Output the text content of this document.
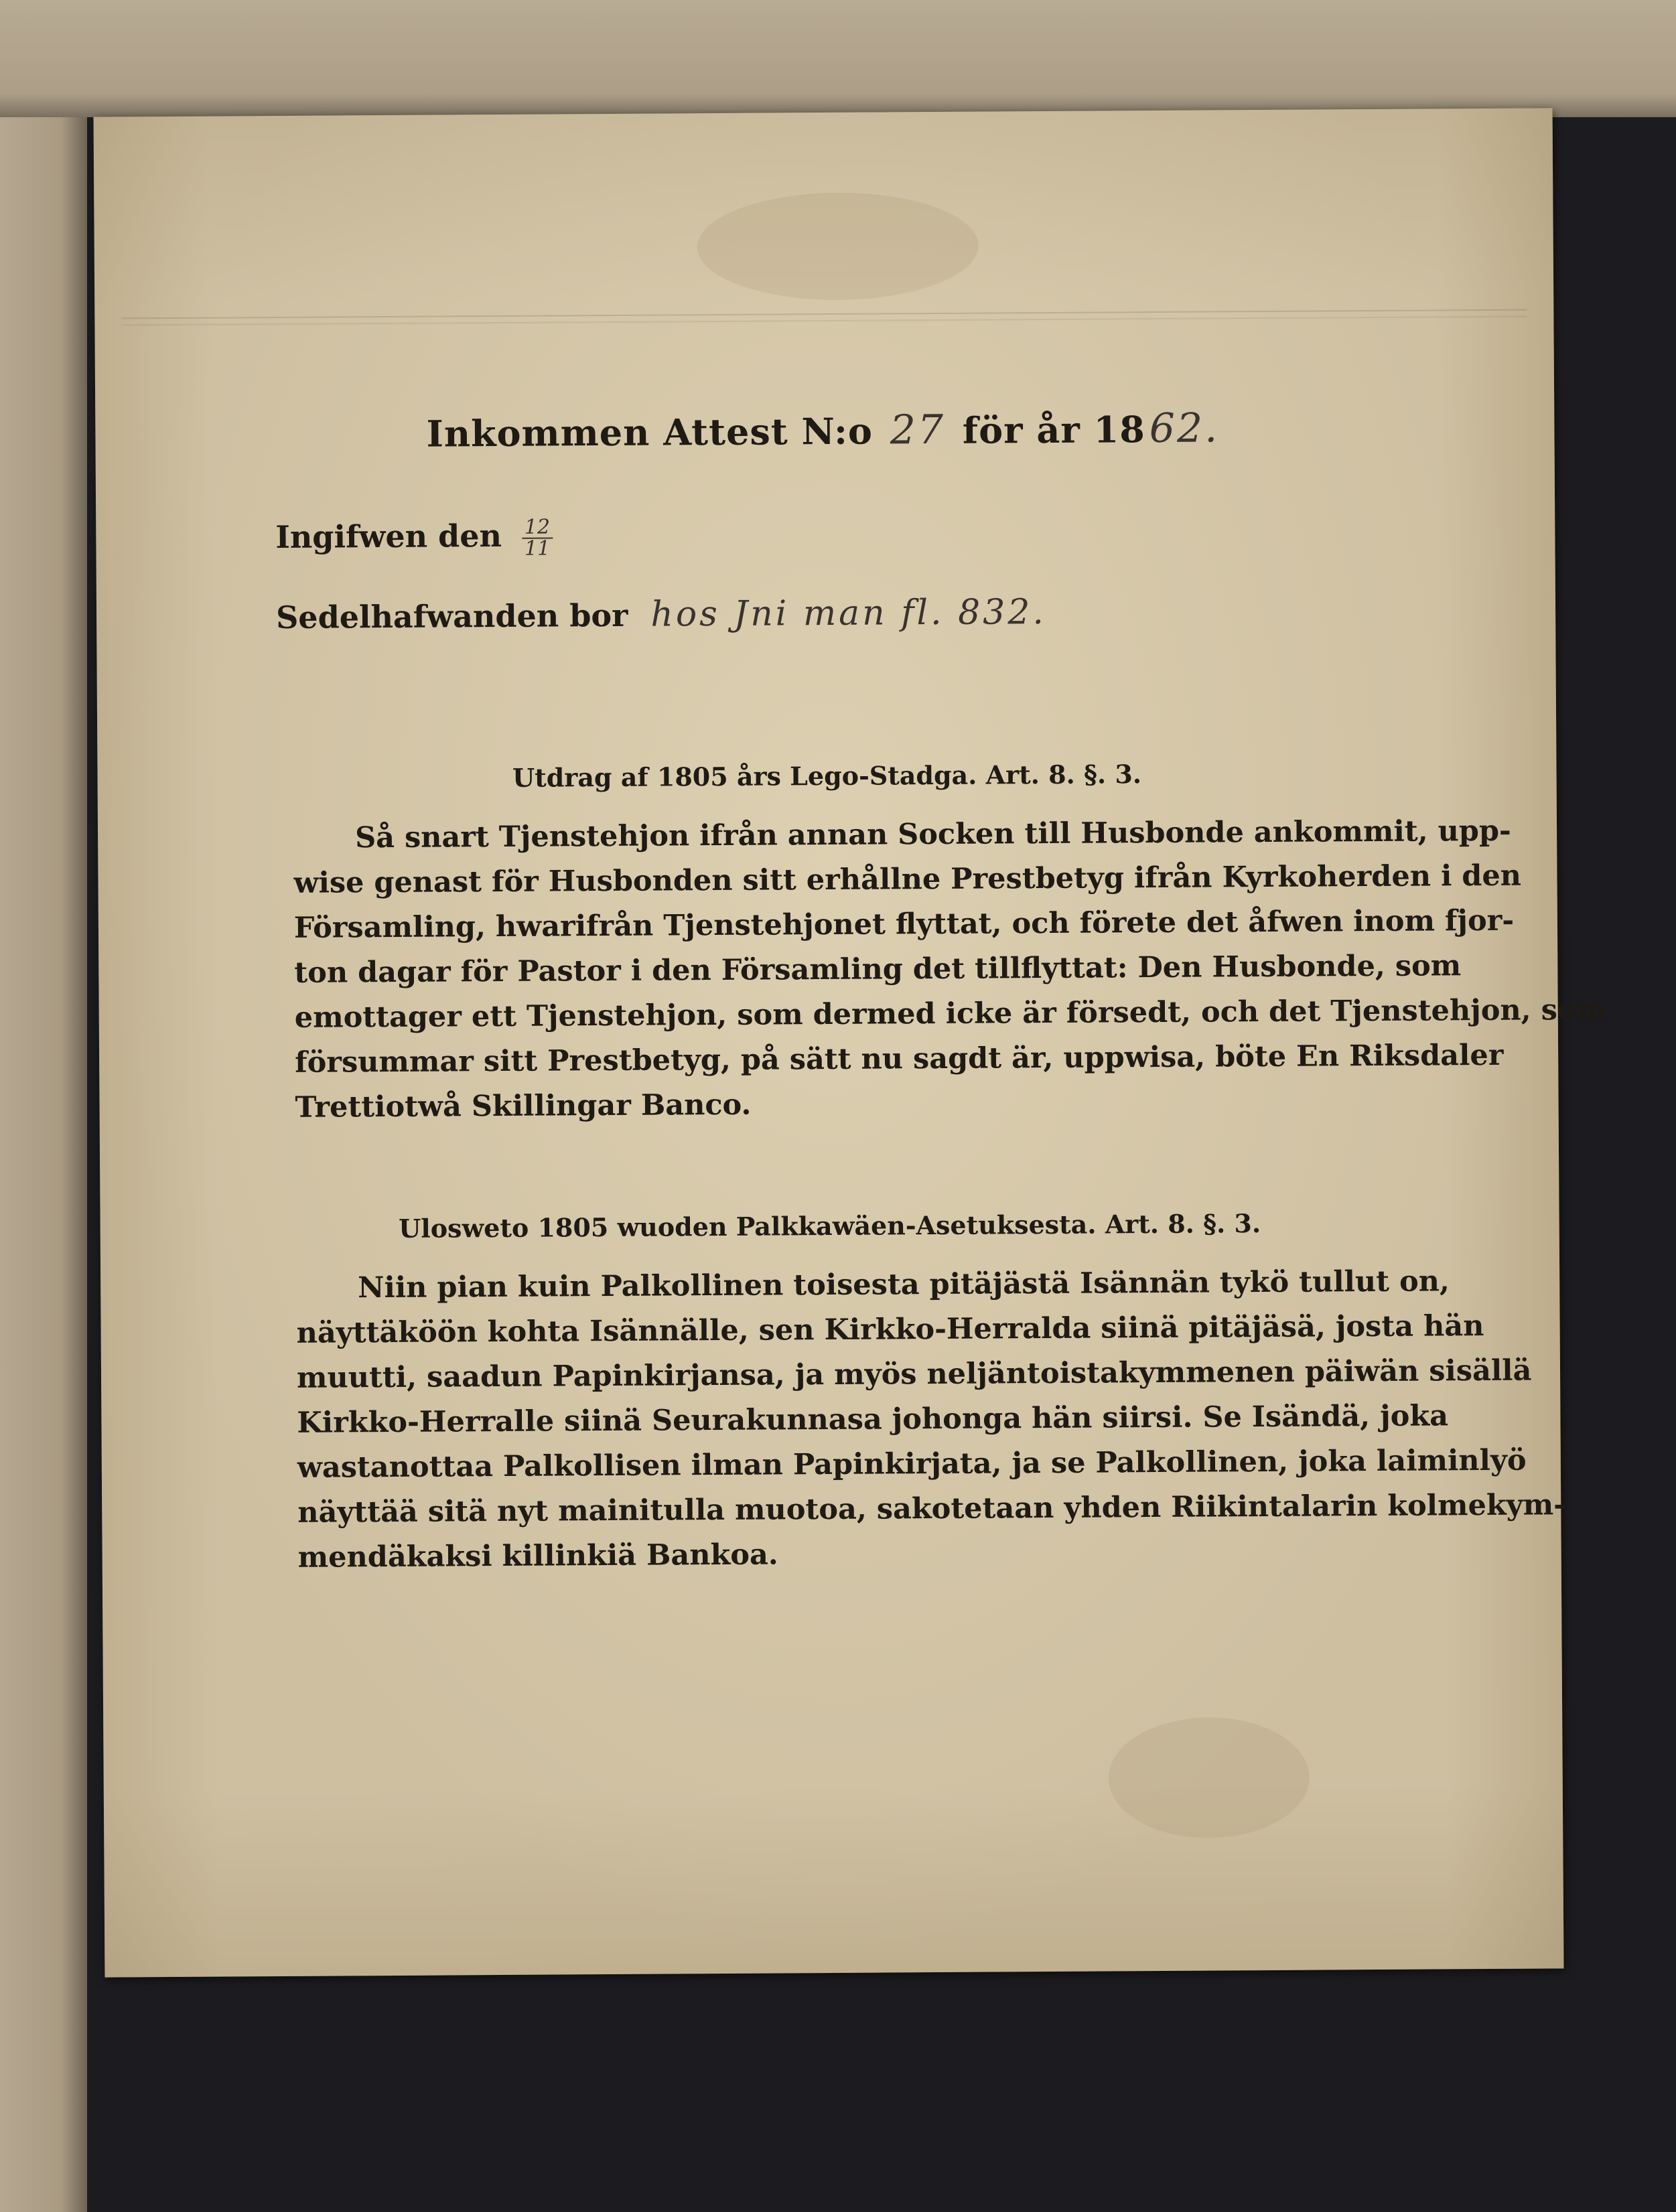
Inkommen Attest N:o 27 för år 1862.
Ingifwen den $\frac{12}{11}$
Sedelhafwanden bor hos Jni man fl. 832.
Utdrag af 1805 års Lego-Stadga. Art. 8. §. 3.
Så snart Tjenstehjon ifrån annan Socken till Husbonde ankommit, upp-
wise genast för Husbonden sitt erhållne Prestbetyg ifrån Kyrkoherden i den
Församling, hwarifrån Tjenstehjonet flyttat, och förete det åfwen inom fjor-
ton dagar för Pastor i den Församling det tillflyttat: Den Husbonde, som
emottager ett Tjenstehjon, som dermed icke är försedt, och det Tjenstehjon, som
försummar sitt Prestbetyg, på sätt nu sagdt är, uppwisa, böte En Riksdaler
Trettiotwå Skillingar Banco.
Ulosweto 1805 wuoden Palkkawäen-Asetuksesta. Art. 8. §. 3.
Niin pian kuin Palkollinen toisesta pitäjästä Isännän tykö tullut on,
näyttäköön kohta Isännälle, sen Kirkko-Herralda siinä pitäjäsä, josta hän
muutti, saadun Papinkirjansa, ja myös neljäntoistakymmenen päiwän sisällä
Kirkko-Herralle siinä Seurakunnasa johonga hän siirsi. Se Isändä, joka
wastanottaa Palkollisen ilman Papinkirjata, ja se Palkollinen, joka laiminlyö
näyttää sitä nyt mainitulla muotoa, sakotetaan yhden Riikintalarin kolmekym-
mendäkaksi killinkiä Bankoa.
